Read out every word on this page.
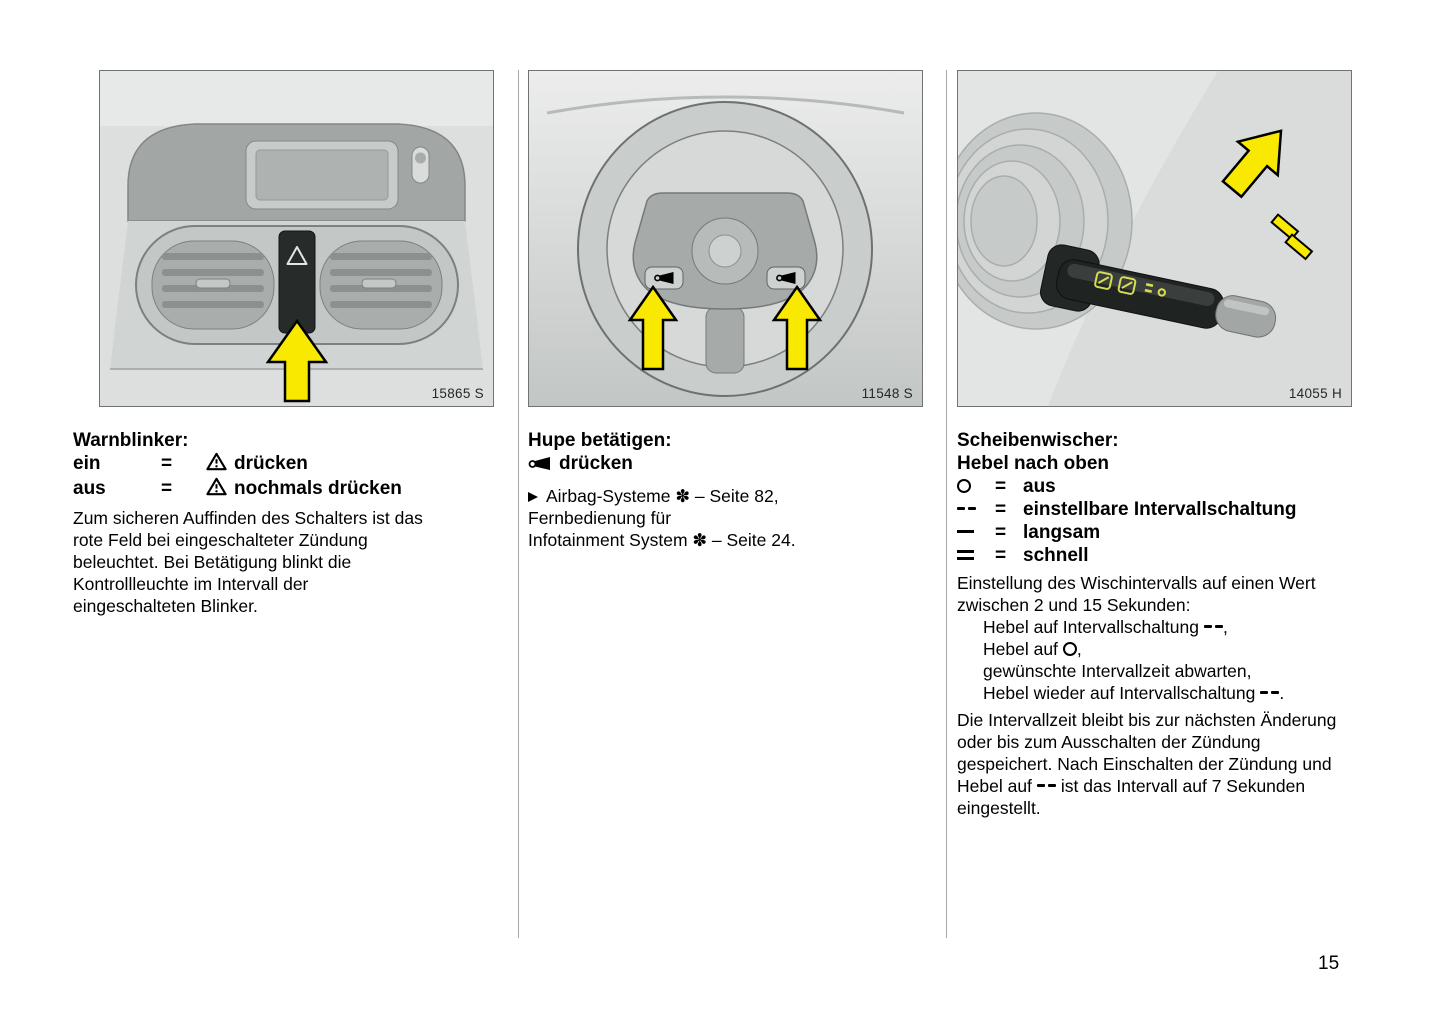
15865 S
Warnblinker:
ein	=	drücken
aus	=	nochmals drücken

Zum sicheren Auffinden des Schalters ist das rote Feld bei eingeschalteter Zündung beleuchtet. Bei Betätigung blinkt die Kontrollleuchte im Intervall der eingeschalteten Blinker.

11548 S
Hupe betätigen:
drücken
Airbag-Systeme ✽ – Seite 82,
Fernbedienung für
Infotainment System ✽ – Seite 24.
14055 H
Scheibenwischer:
Hebel nach oben
= aus
= einstellbare Intervallschaltung
= langsam
= schnell

Einstellung des Wischintervalls auf einen Wert zwischen 2 und 15 Sekunden:

Hebel auf Intervallschaltung ,
Hebel auf ,
gewünschte Intervallzeit abwarten,
Hebel wieder auf Intervallschaltung .

Die Intervallzeit bleibt bis zur nächsten Änderung oder bis zum Ausschalten der Zündung gespeichert. Nach Einschalten der Zündung und Hebel auf ist das Intervall auf 7 Sekunden eingestellt.

15
